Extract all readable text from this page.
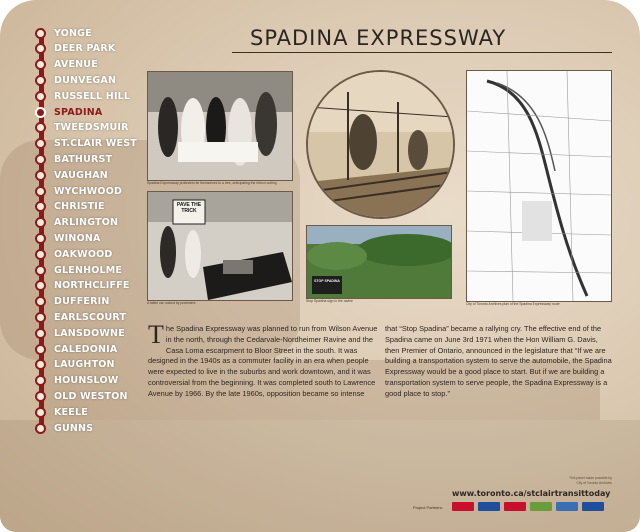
YONGE
DEER PARK
AVENUE
DUNVEGAN
RUSSELL HILL
SPADINA
TWEEDSMUIR
ST.CLAIR WEST
BATHURST
VAUGHAN
WYCHWOOD
CHRISTIE
ARLINGTON
WINONA
OAKWOOD
GLENHOLME
NORTHCLIFFE
DUFFERIN
EARLSCOURT
LANSDOWNE
CALEDONIA
LAUGHTON
HOUNSLOW
OLD WESTON
KEELE
GUNNS
SPADINA EXPRESSWAY
Spadina Expressway protesters tie themselves to a tree, anticipating the ribbon cutting
City of Toronto Archives plan of the Spadina Expressway route
PAVE THE TRICK
A fallen car rocked by protesters
STOP SPADINA
Stop Spadina sign in the ravine
The Spadina Expressway was planned to run from Wilson Avenue in the north, through the Cedarvale-Nordheimer Ravine and the Casa Loma escarpment to Bloor Street in the south. It was designed in the 1940s as a commuter facility in an era when people were expected to live in the suburbs and work downtown, and it was controversial from the beginning. It was completed south to Lawrence Avenue by 1966. By the late 1960s, opposition became so intense
that “Stop Spadina” became a rallying cry. The effective end of the Spadina came on June 3rd 1971 when the Hon William G. Davis, then Premier of Ontario, announced in the legislature that “If we are building a transportation system to serve the automobile, the Spadina Expressway would be a good place to start. But if we are building a transportation system to serve people, the Spadina Expressway is a good place to stop.”
This panel made possible by
City of Toronto Archives
www.toronto.ca/stclairtransittoday
Project Partners:
